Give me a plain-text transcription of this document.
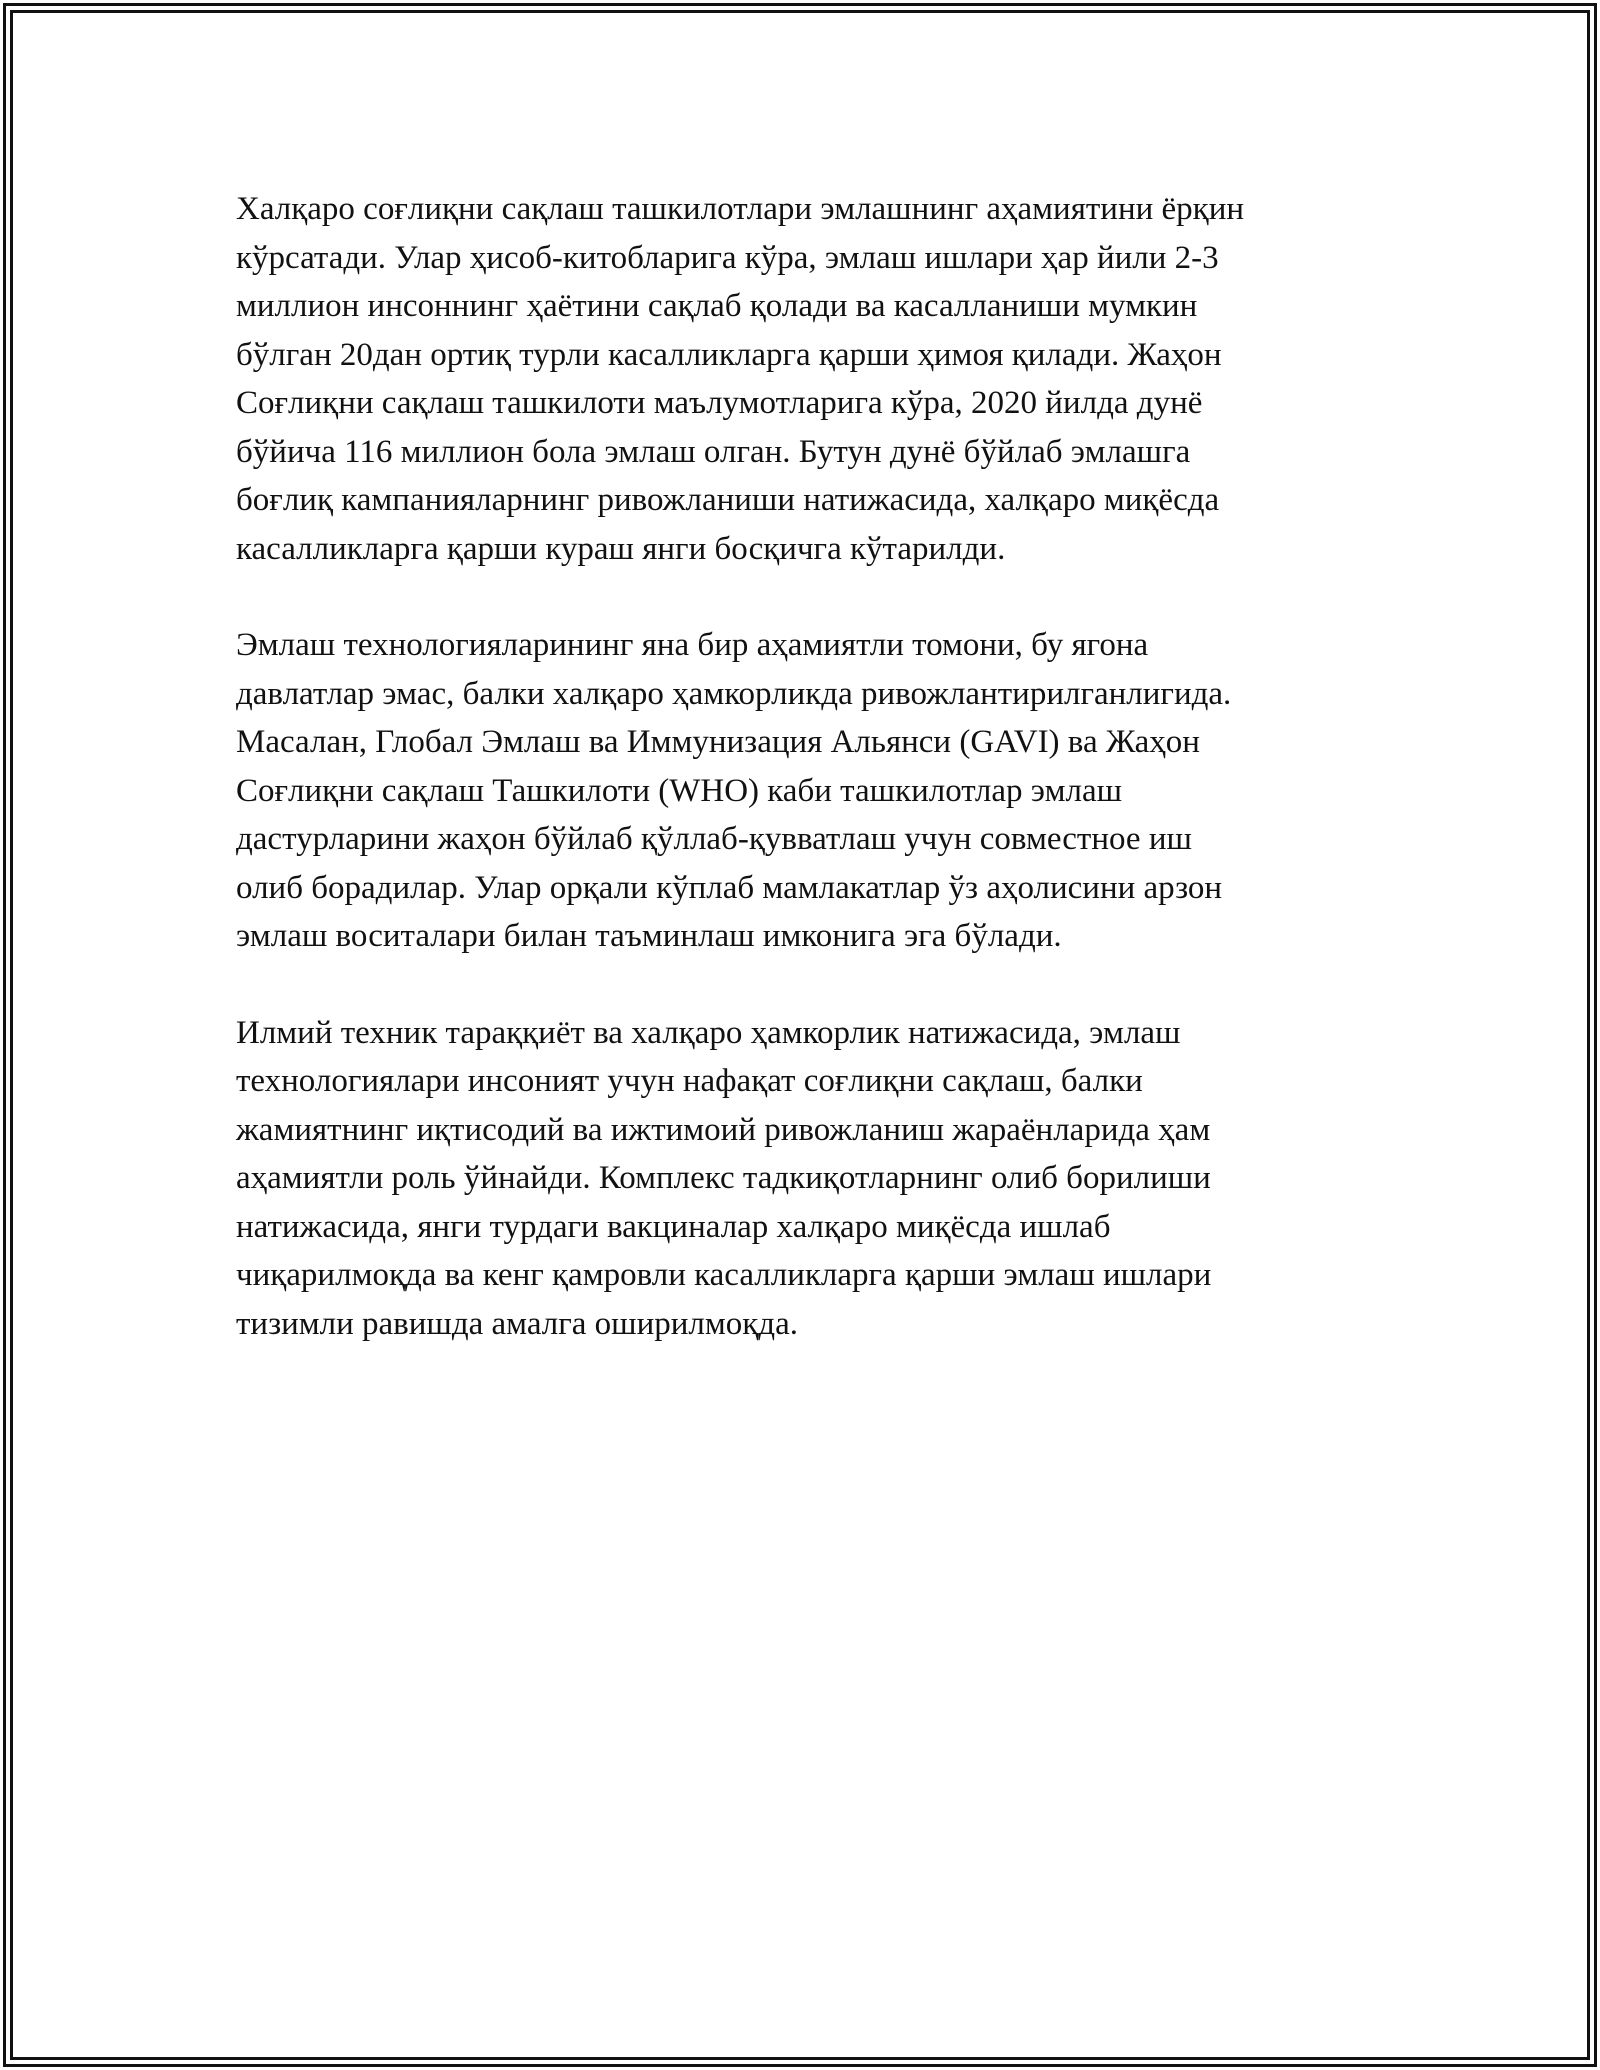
Халқаро соғлиқни сақлаш ташкилотлари эмлашнинг аҳамиятини ёрқин
кўрсатади. Улар ҳисоб-китобларига кўра, эмлаш ишлари ҳар йили 2-3
миллион инсоннинг ҳаётини сақлаб қолади ва касалланиши мумкин
бўлган 20дан ортиқ турли касалликларга қарши ҳимоя қилади. Жаҳон
Соғлиқни сақлаш ташкилоти маълумотларига кўра, 2020 йилда дунё
бўйича 116 миллион бола эмлаш олган. Бутун дунё бўйлаб эмлашга
боғлиқ кампанияларнинг ривожланиши натижасида, халқаро миқёсда
касалликларга қарши кураш янги босқичга кўтарилди.

Эмлаш технологияларининг яна бир аҳамиятли томони, бу ягона
давлатлар эмас, балки халқаро ҳамкорликда ривожлантирилганлигида.
Масалан, Глобал Эмлаш ва Иммунизация Альянси (GAVI) ва Жаҳон
Соғлиқни сақлаш Ташкилоти (WHO) каби ташкилотлар эмлаш
дастурларини жаҳон бўйлаб қўллаб-қувватлаш учун совместное иш
олиб борадилар. Улар орқали кўплаб мамлакатлар ўз аҳолисини арзон
эмлаш воситалари билан таъминлаш имконига эга бўлади.

Илмий техник тараққиёт ва халқаро ҳамкорлик натижасида, эмлаш
технологиялари инсоният учун нафақат соғлиқни сақлаш, балки
жамиятнинг иқтисодий ва ижтимоий ривожланиш жараёнларида ҳам
аҳамиятли роль ўйнайди. Комплекс тадкиқотларнинг олиб борилиши
натижасида, янги турдаги вакциналар халқаро миқёсда ишлаб
чиқарилмоқда ва кенг қамровли касалликларга қарши эмлаш ишлари
тизимли равишда амалга оширилмоқда.
